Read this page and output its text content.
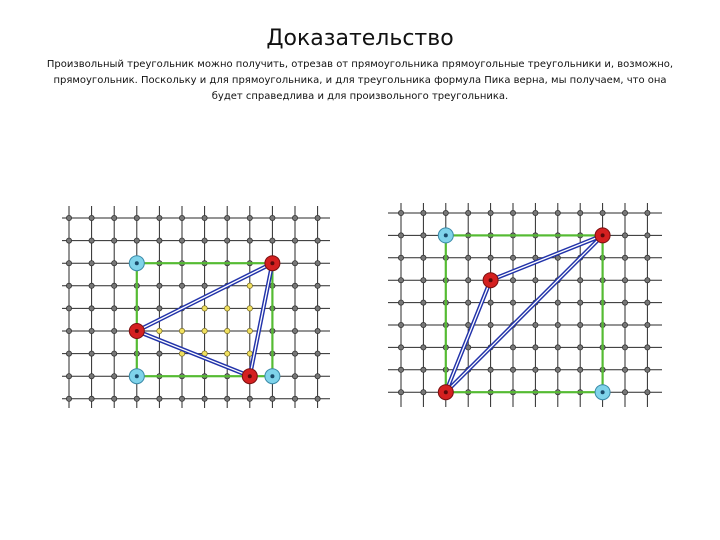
Доказательство

Произвольный треугольник можно получить, отрезав от прямоугольника прямоугольные треугольники и, возможно, прямоугольник. Поскольку и для прямоугольника, и для треугольника формула Пика верна, мы получаем, что она будет справедлива и для произвольного треугольника.
